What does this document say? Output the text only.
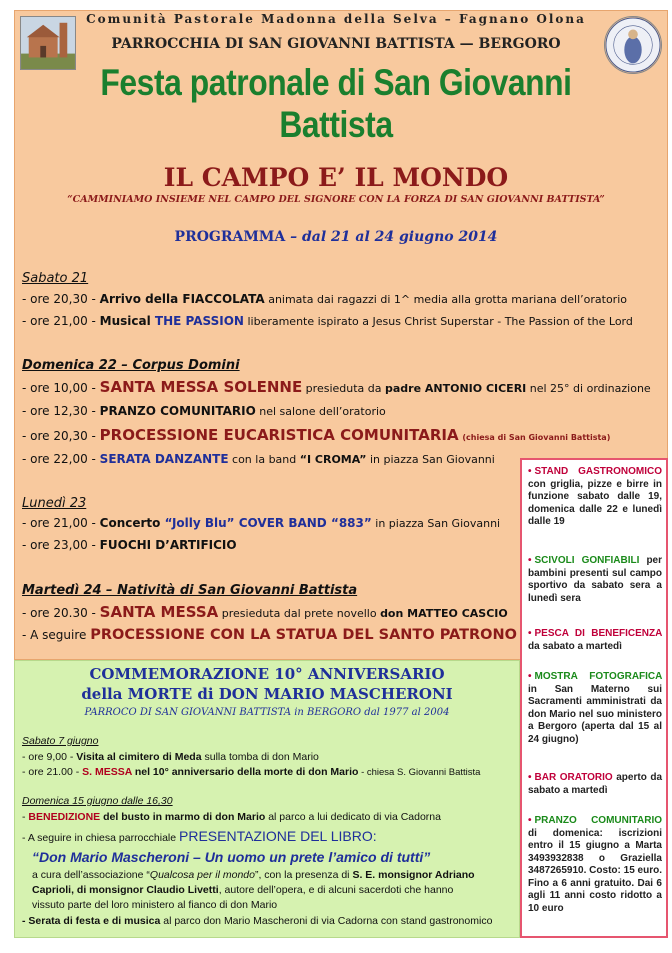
Comunità Pastorale Madonna della Selva – Fagnano Olona
PARROCCHIA DI SAN GIOVANNI BATTISTA — BERGORO
Festa patronale di San Giovanni Battista
IL CAMPO E’ IL MONDO
“CAMMINIAMO INSIEME NEL CAMPO DEL SIGNORE CON LA FORZA DI SAN GIOVANNI BATTISTA”
PROGRAMMA – dal 21 al 24 giugno 2014
Sabato 21
- ore 20,30 - Arrivo della FIACCOLATA animata dai ragazzi di 1^ media alla grotta mariana dell’oratorio
- ore 21,00 - Musical THE PASSION liberamente ispirato a Jesus Christ Superstar - The Passion of the Lord
Domenica 22 – Corpus Domini
- ore 10,00 - SANTA MESSA SOLENNE presieduta da padre ANTONIO CICERI nel 25° di ordinazione
- ore 12,30 - PRANZO COMUNITARIO nel salone dell’oratorio
- ore 20,30 - PROCESSIONE EUCARISTICA COMUNITARIA (chiesa di San Giovanni Battista)
- ore 22,00 - SERATA DANZANTE con la band “I CROMA” in piazza San Giovanni
Lunedì 23
- ore 21,00 - Concerto “Jolly Blu” COVER BAND “883” in piazza San Giovanni
- ore 23,00 - FUOCHI D’ARTIFICIO
Martedì 24 – Natività di San Giovanni Battista
- ore 20.30 - SANTA MESSA presieduta dal prete novello don MATTEO CASCIO
- A seguire PROCESSIONE CON LA STATUA DEL SANTO PATRONO
COMMEMORAZIONE 10° ANNIVERSARIO
della MORTE di DON MARIO MASCHERONI
PARROCO DI SAN GIOVANNI BATTISTA in BERGORO dal 1977 al 2004
Sabato 7 giugno
- ore 9,00 - Visita al cimitero di Meda sulla tomba di don Mario
- ore 21.00 - S. MESSA nel 10° anniversario della morte di don Mario - chiesa S. Giovanni Battista
Domenica 15 giugno dalle 16,30
- BENEDIZIONE del busto in marmo di don Mario al parco a lui dedicato di via Cadorna
- A seguire in chiesa parrocchiale PRESENTAZIONE DEL LIBRO:
“Don Mario Mascheroni – Un uomo un prete l’amico di tutti”
a cura dell’associazione “Qualcosa per il mondo”, con la presenza di S. E. monsignor Adriano
Caprioli, di monsignor Claudio Livetti, autore dell’opera, e di alcuni sacerdoti che hanno
vissuto parte del loro ministero al fianco di don Mario
- Serata di festa e di musica al parco don Mario Mascheroni di via Cadorna con stand gastronomico
• STAND GASTRONOMICO con griglia, pizze e birre in funzione sabato dalle 19, domenica dalle 22 e lunedì dalle 19
• SCIVOLI GONFIABILI per bambini presenti sul campo sportivo da sabato sera a lunedì sera
• PESCA DI BENEFICENZA da sabato a martedì
• MOSTRA FOTOGRAFICA in San Materno sui Sacramenti amministrati da don Mario nel suo ministero a Bergoro (aperta dal 15 al 24 giugno)
• BAR ORATORIO aperto da sabato a martedì
• PRANZO COMUNITARIO di domenica: iscrizioni entro il 15 giugno a Marta 3493932838 o Graziella 3487265910. Costo: 15 euro. Fino a 6 anni gratuito. Dai 6 agli 11 anni costo ridotto a 10 euro
